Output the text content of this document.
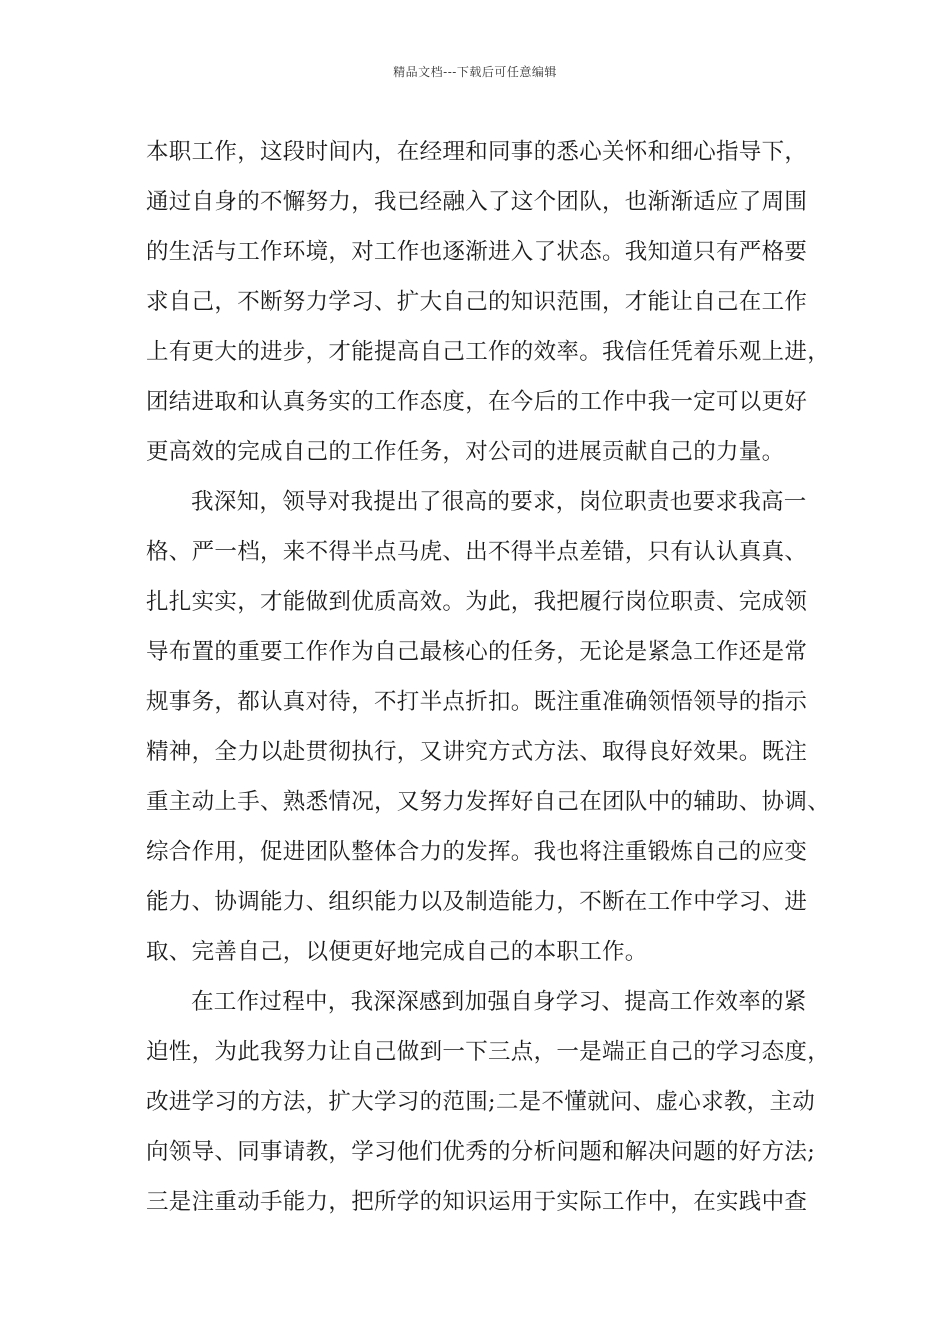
精品文档---下载后可任意编辑
本职工作，这段时间内，在经理和同事的悉心关怀和细心指导下，
通过自身的不懈努力，我已经融入了这个团队，也渐渐适应了周围
的生活与工作环境，对工作也逐渐进入了状态。我知道只有严格要
求自己，不断努力学习、扩大自己的知识范围，才能让自己在工作
上有更大的进步，才能提高自己工作的效率。我信任凭着乐观上进，
团结进取和认真务实的工作态度，在今后的工作中我一定可以更好
更高效的完成自己的工作任务，对公司的进展贡献自己的力量。
我深知，领导对我提出了很高的要求，岗位职责也要求我高一
格、严一档，来不得半点马虎、出不得半点差错，只有认认真真、
扎扎实实，才能做到优质高效。为此，我把履行岗位职责、完成领
导布置的重要工作作为自己最核心的任务，无论是紧急工作还是常
规事务，都认真对待，不打半点折扣。既注重准确领悟领导的指示
精神，全力以赴贯彻执行，又讲究方式方法、取得良好效果。既注
重主动上手、熟悉情况，又努力发挥好自己在团队中的辅助、协调、
综合作用，促进团队整体合力的发挥。我也将注重锻炼自己的应变
能力、协调能力、组织能力以及制造能力，不断在工作中学习、进
取、完善自己，以便更好地完成自己的本职工作。
在工作过程中，我深深感到加强自身学习、提高工作效率的紧
迫性，为此我努力让自己做到一下三点，一是端正自己的学习态度，
改进学习的方法，扩大学习的范围;二是不懂就问、虚心求教，主动
向领导、同事请教，学习他们优秀的分析问题和解决问题的好方法;
三是注重动手能力，把所学的知识运用于实际工作中，在实践中查
